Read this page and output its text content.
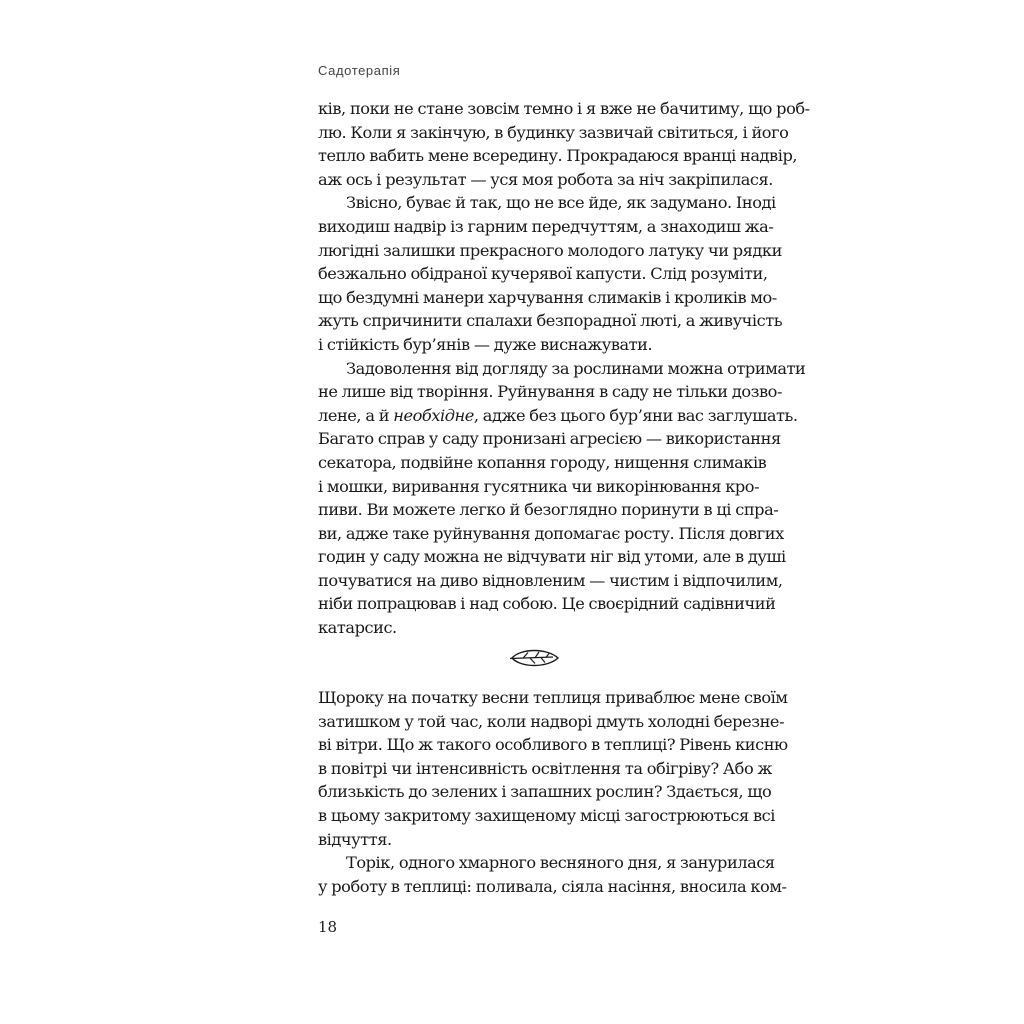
Садотерапія
ків, поки не стане зовсім темно і я вже не бачитиму, що роб-
лю. Коли я закінчую, в будинку зазвичай світиться, і його
тепло вабить мене всередину. Прокрадаюся вранці надвір,
аж ось і результат — уся моя робота за ніч закріпилася.
Звісно, буває й так, що не все йде, як задумано. Іноді
виходиш надвір із гарним передчуттям, а знаходиш жа-
люгідні залишки прекрасного молодого латуку чи рядки
безжально обідраної кучерявої капусти. Слід розуміти,
що бездумні манери харчування слимаків і кроликів мо-
жуть спричинити спалахи безпорадної люті, а живучість
і стійкість бур’янів — дуже виснажувати.
Задоволення від догляду за рослинами можна отримати
не лише від творіння. Руйнування в саду не тільки дозво-
лене, а й необхідне, адже без цього бур’яни вас заглушать.
Багато справ у саду пронизані агресією — використання
секатора, подвійне копання городу, нищення слимаків
і мошки, виривання гусятника чи викорінювання кро-
пиви. Ви можете легко й безоглядно поринути в ці спра-
ви, адже таке руйнування допомагає росту. Після довгих
годин у саду можна не відчувати ніг від утоми, але в душі
почуватися на диво відновленим — чистим і відпочилим,
ніби попрацював і над собою. Це своєрідний садівничий
катарсис.
Щороку на початку весни теплиця приваблює мене своїм
затишком у той час, коли надворі дмуть холодні березне-
ві вітри. Що ж такого особливого в теплиці? Рівень кисню
в повітрі чи інтенсивність освітлення та обігріву? Або ж
близькість до зелених і запашних рослин? Здається, що
в цьому закритому захищеному місці загострюються всі
відчуття.
Торік, одного хмарного весняного дня, я занурилася
у роботу в теплиці: поливала, сіяла насіння, вносила ком-
18
